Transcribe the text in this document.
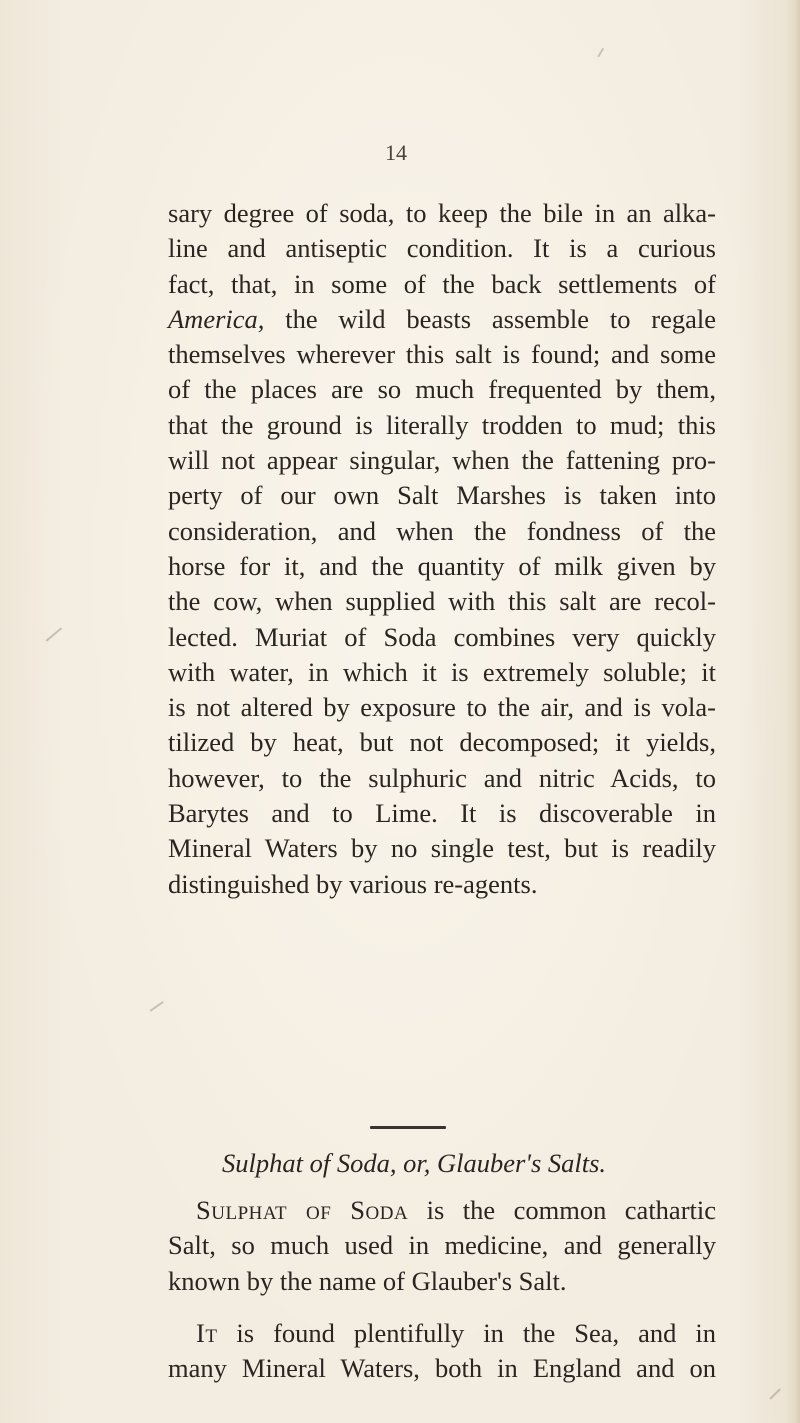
14
sary degree of soda, to keep the bile in an alka-
line and antiseptic condition. It is a curious
fact, that, in some of the back settlements of
America, the wild beasts assemble to regale
themselves wherever this salt is found; and some
of the places are so much frequented by them,
that the ground is literally trodden to mud; this
will not appear singular, when the fattening pro-
perty of our own Salt Marshes is taken into
consideration, and when the fondness of the
horse for it, and the quantity of milk given by
the cow, when supplied with this salt are recol-
lected. Muriat of Soda combines very quickly
with water, in which it is extremely soluble; it
is not altered by exposure to the air, and is vola-
tilized by heat, but not decomposed; it yields,
however, to the sulphuric and nitric Acids, to
Barytes and to Lime. It is discoverable in
Mineral Waters by no single test, but is readily
distinguished by various re-agents.
Sulphat of Soda, or, Glauber's Salts.
Sulphat of Soda is the common cathartic
Salt, so much used in medicine, and generally
known by the name of Glauber's Salt.
It is found plentifully in the Sea, and in
many Mineral Waters, both in England and on
